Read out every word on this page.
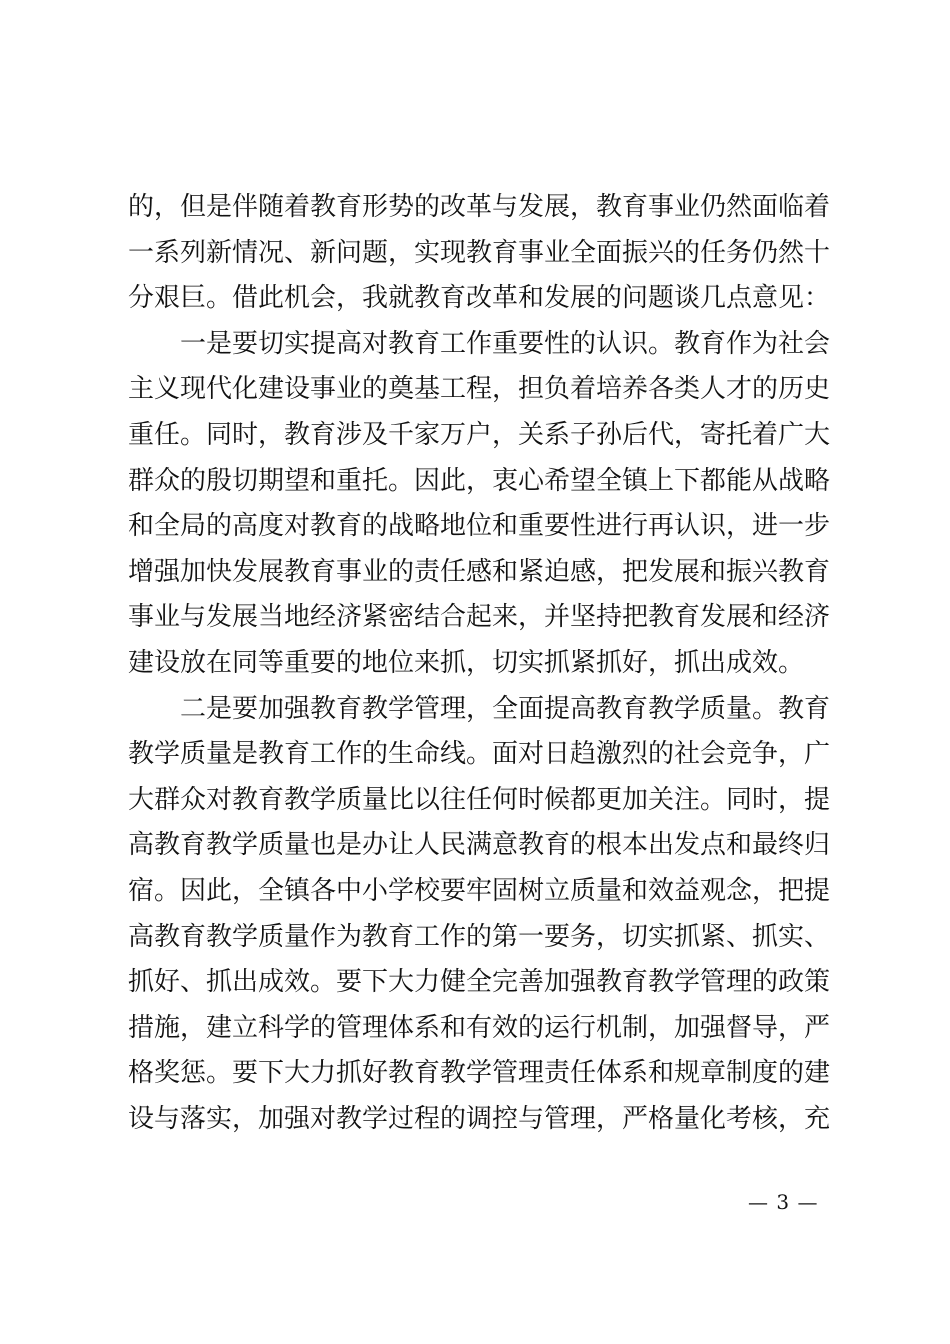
的，但是伴随着教育形势的改革与发展，教育事业仍然面临着
一系列新情况、新问题，实现教育事业全面振兴的任务仍然十
分艰巨。借此机会，我就教育改革和发展的问题谈几点意见：
一是要切实提高对教育工作重要性的认识。教育作为社会
主义现代化建设事业的奠基工程，担负着培养各类人才的历史
重任。同时，教育涉及千家万户，关系子孙后代，寄托着广大
群众的殷切期望和重托。因此，衷心希望全镇上下都能从战略
和全局的高度对教育的战略地位和重要性进行再认识，进一步
增强加快发展教育事业的责任感和紧迫感，把发展和振兴教育
事业与发展当地经济紧密结合起来，并坚持把教育发展和经济
建设放在同等重要的地位来抓，切实抓紧抓好，抓出成效。
二是要加强教育教学管理，全面提高教育教学质量。教育
教学质量是教育工作的生命线。面对日趋激烈的社会竞争，广
大群众对教育教学质量比以往任何时候都更加关注。同时，提
高教育教学质量也是办让人民满意教育的根本出发点和最终归
宿。因此，全镇各中小学校要牢固树立质量和效益观念，把提
高教育教学质量作为教育工作的第一要务，切实抓紧、抓实、
抓好、抓出成效。要下大力健全完善加强教育教学管理的政策
措施，建立科学的管理体系和有效的运行机制，加强督导，严
格奖惩。要下大力抓好教育教学管理责任体系和规章制度的建
设与落实，加强对教学过程的调控与管理，严格量化考核，充
— 3 —
